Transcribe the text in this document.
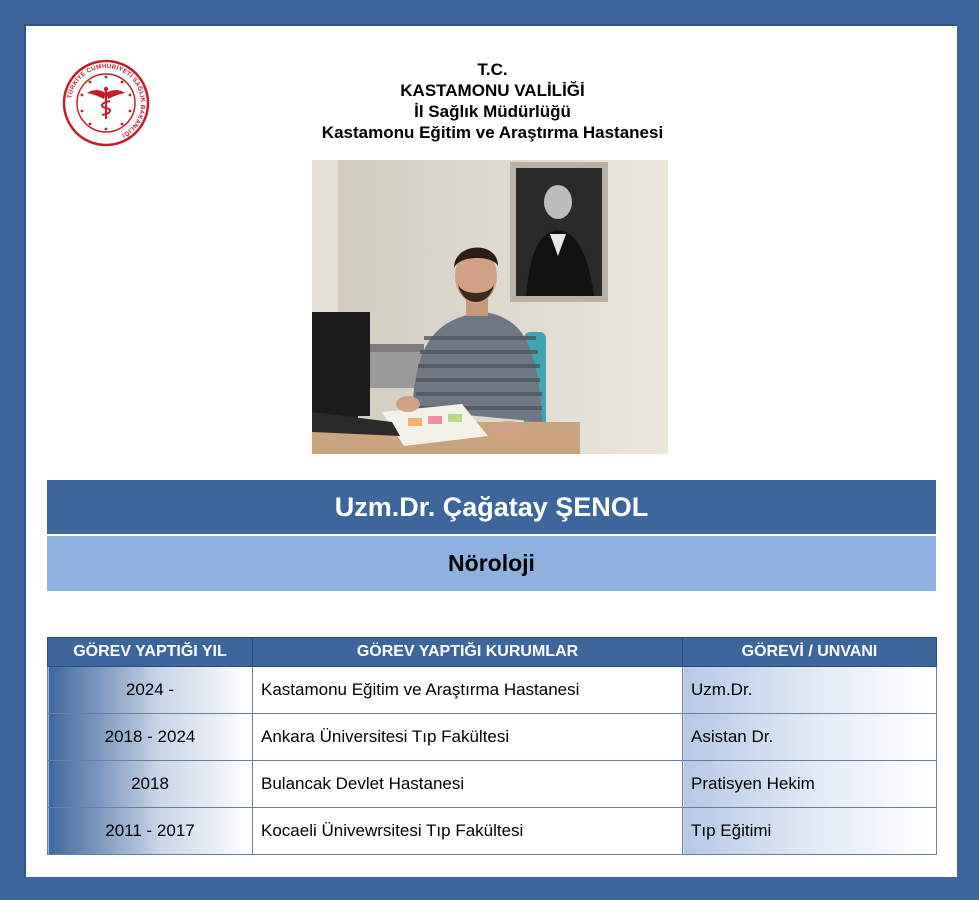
TÜRKİYE CUMHURİYETİ SAĞLIK BAKANLIĞI
T.C.
KASTAMONU VALİLİĞİ
İl Sağlık Müdürlüğü
Kastamonu Eğitim ve Araştırma Hastanesi
Uzm.Dr. Çağatay ŞENOL
Nöroloji
GÖREV YAPTIĞI YIL	GÖREV YAPTIĞI KURUMLAR	GÖREVİ / UNVANI
2024 -	Kastamonu Eğitim ve Araştırma Hastanesi	Uzm.Dr.
2018 - 2024	Ankara Üniversitesi Tıp Fakültesi	Asistan Dr.
2018	Bulancak Devlet Hastanesi	Pratisyen Hekim
2011 - 2017	Kocaeli Ünivewrsitesi Tıp Fakültesi	Tıp Eğitimi
